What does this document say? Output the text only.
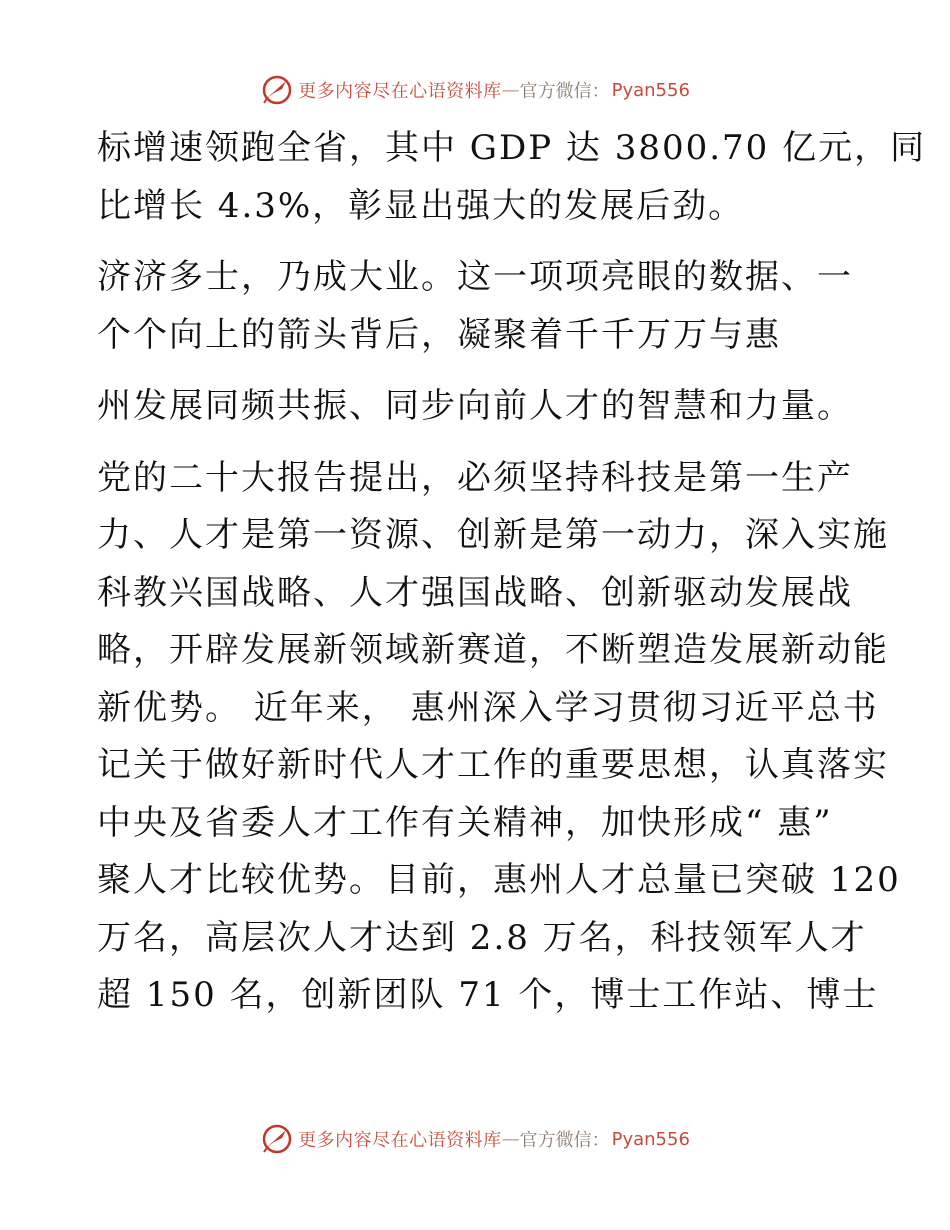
更多内容尽在心语资料库 — 官方微信： Pyan556

标增速领跑全省，其中 GDP 达 3800.70 亿元，同
比增长 4.3%，彰显出强大的发展后劲。

济济多士，乃成大业。这一项项亮眼的数据、一
个个向上的箭头背后，凝聚着千千万万与惠

州发展同频共振、同步向前人才的智慧和力量。

党的二十大报告提出，必须坚持科技是第一生产
力、人才是第一资源、创新是第一动力，深入实施
科教兴国战略、人才强国战略、创新驱动发展战
略，开辟发展新领域新赛道，不断塑造发展新动能
新优势。 近年来， 惠州深入学习贯彻习近平总书
记关于做好新时代人才工作的重要思想，认真落实
中央及省委人才工作有关精神，加快形成“ 惠”
聚人才比较优势。目前，惠州人才总量已突破 120
万名，高层次人才达到 2.8 万名，科技领军人才
超 150 名，创新团队 71 个，博士工作站、博士

更多内容尽在心语资料库 — 官方微信： Pyan556
